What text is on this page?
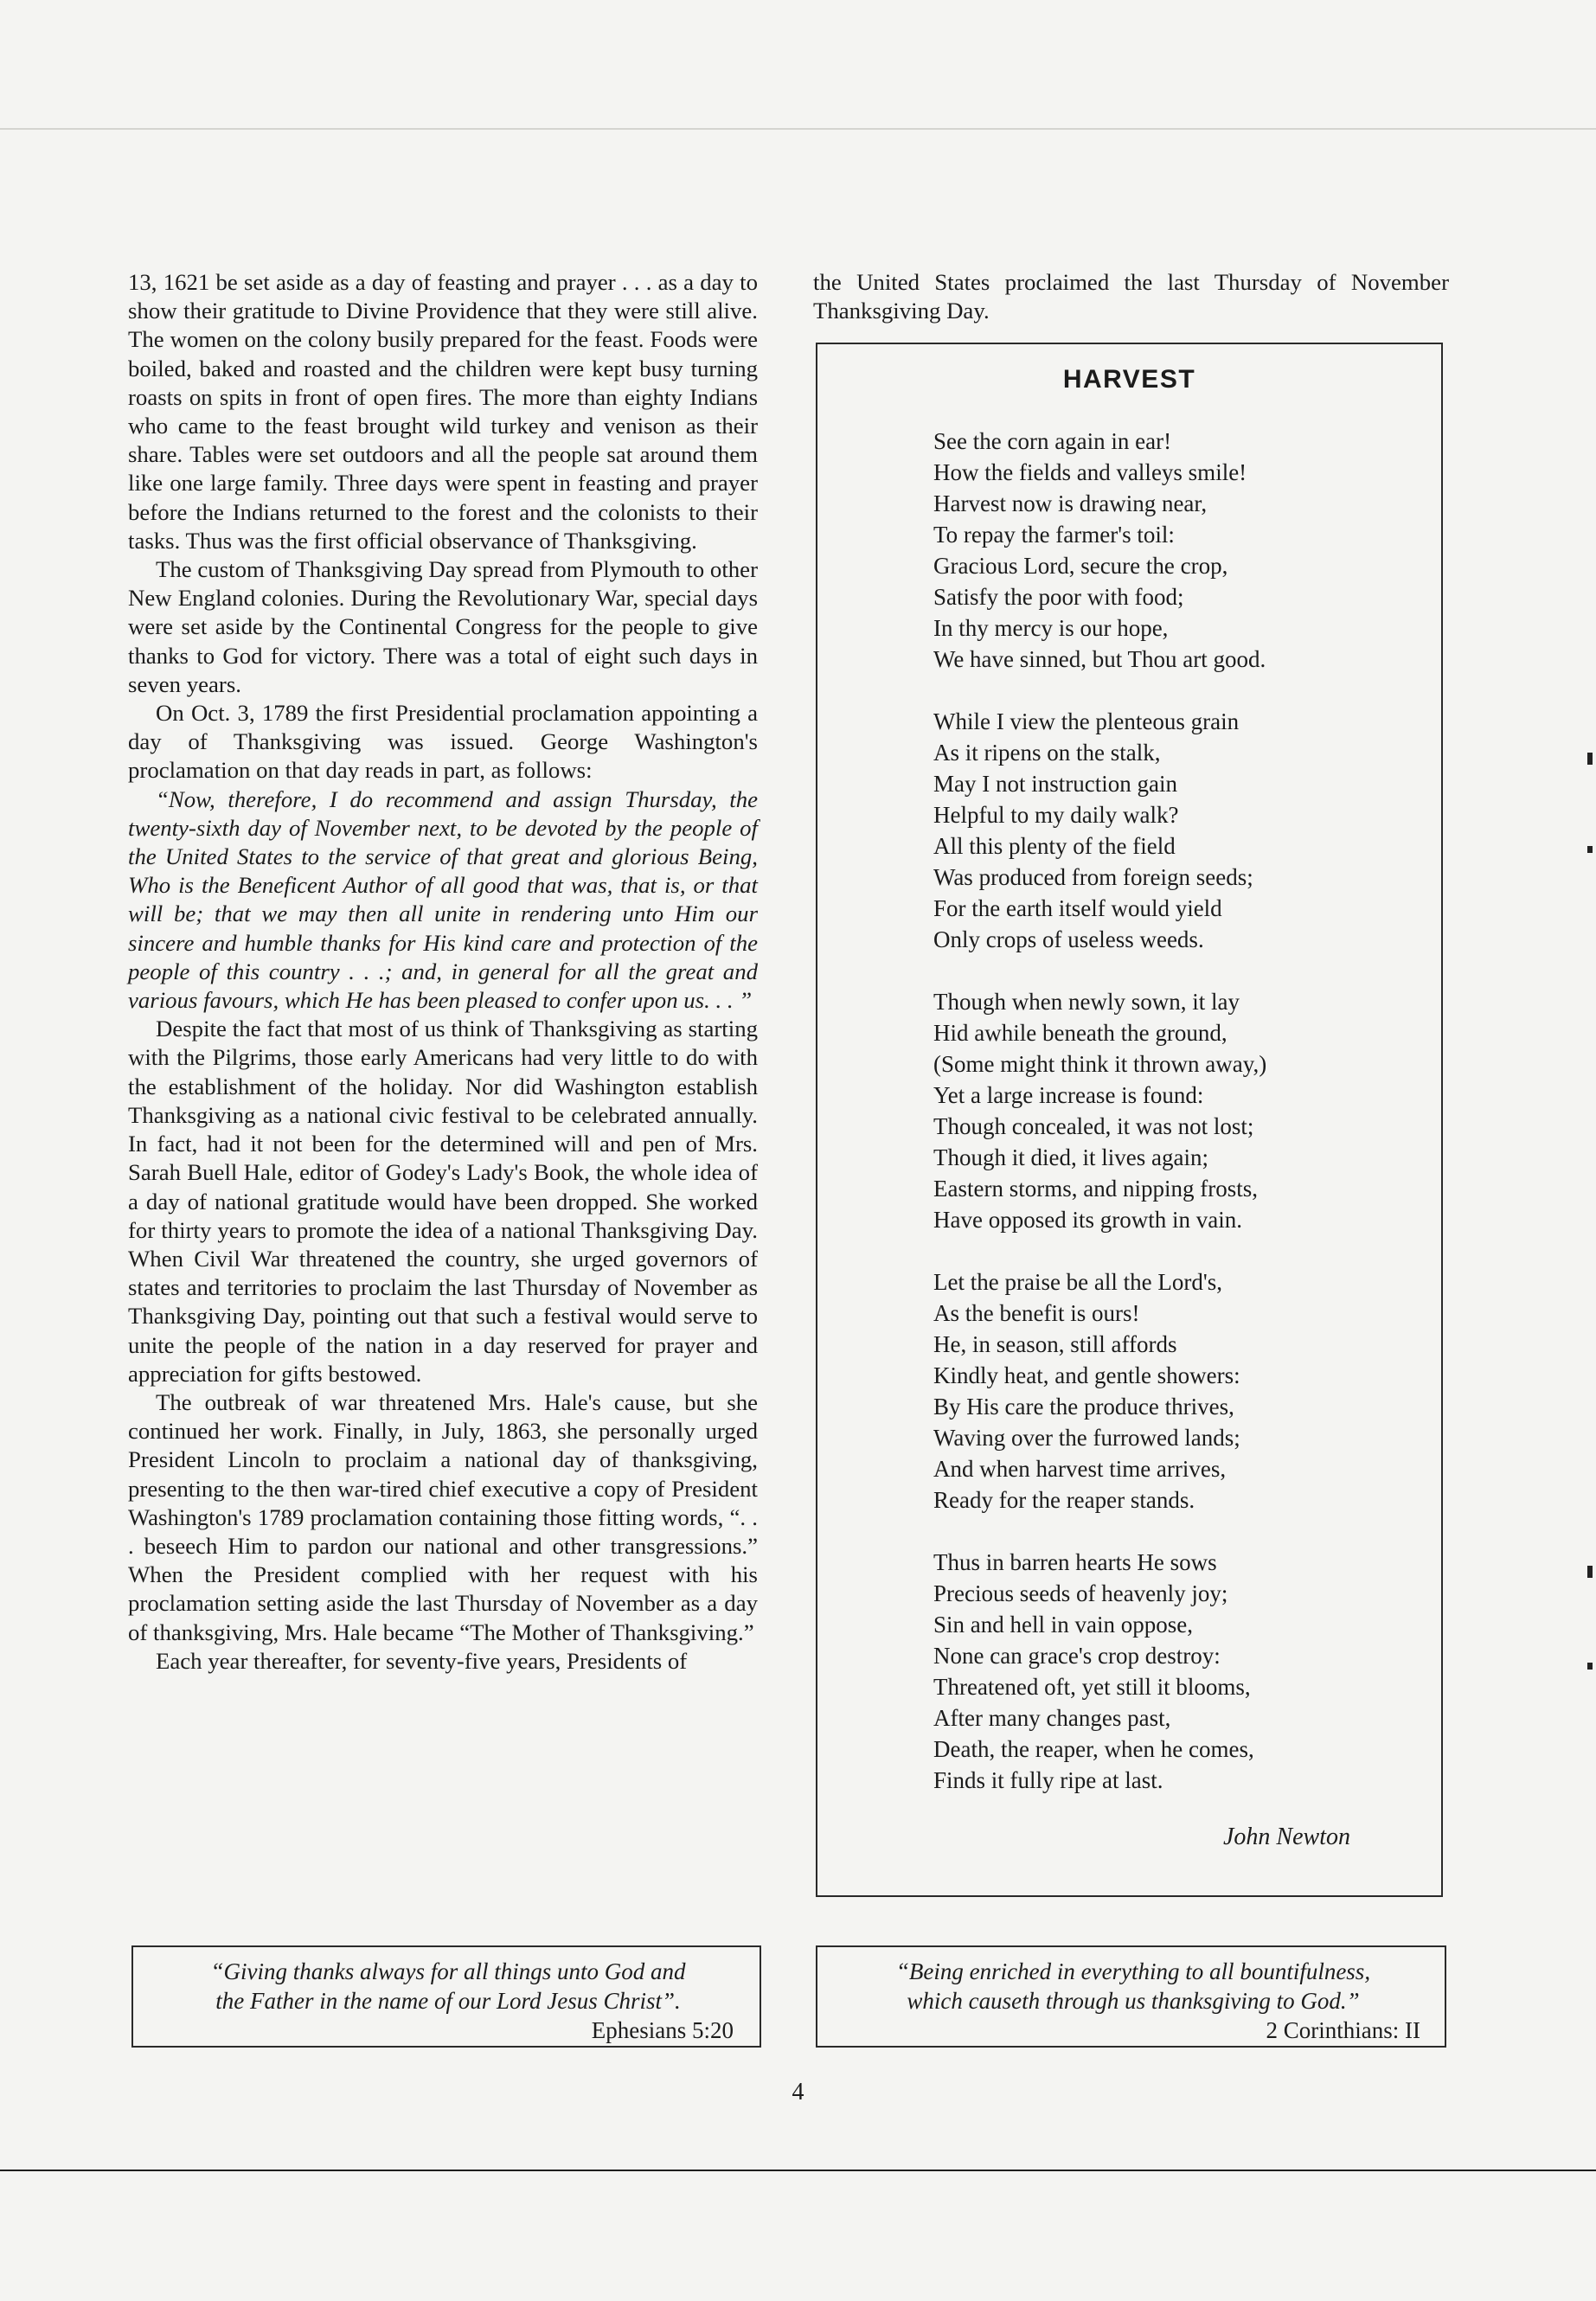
13, 1621 be set aside as a day of feasting and prayer . . . as a day to show their gratitude to Divine Providence that they were still alive. The women on the colony busily prepared for the feast. Foods were boiled, baked and roasted and the children were kept busy turning roasts on spits in front of open fires. The more than eighty Indians who came to the feast brought wild turkey and venison as their share. Tables were set outdoors and all the people sat around them like one large family. Three days were spent in feasting and prayer before the Indians returned to the forest and the colonists to their tasks. Thus was the first official observance of Thanksgiving.

The custom of Thanksgiving Day spread from Plymouth to other New England colonies. During the Revolutionary War, special days were set aside by the Continental Congress for the people to give thanks to God for victory. There was a total of eight such days in seven years.

On Oct. 3, 1789 the first Presidential proclamation appointing a day of Thanksgiving was issued. George Washington's proclamation on that day reads in part, as follows:

“Now, therefore, I do recommend and assign Thursday, the twenty-sixth day of November next, to be devoted by the people of the United States to the service of that great and glorious Being, Who is the Beneficent Author of all good that was, that is, or that will be; that we may then all unite in rendering unto Him our sincere and humble thanks for His kind care and protection of the people of this country . . .; and, in general for all the great and various favours, which He has been pleased to confer upon us. . . ”

Despite the fact that most of us think of Thanksgiving as starting with the Pilgrims, those early Americans had very little to do with the establishment of the holiday. Nor did Washington establish Thanksgiving as a national civic festival to be celebrated annually. In fact, had it not been for the determined will and pen of Mrs. Sarah Buell Hale, editor of Godey's Lady's Book, the whole idea of a day of national gratitude would have been dropped. She worked for thirty years to promote the idea of a national Thanksgiving Day. When Civil War threatened the country, she urged governors of states and territories to proclaim the last Thursday of November as Thanksgiving Day, pointing out that such a festival would serve to unite the people of the nation in a day reserved for prayer and appreciation for gifts bestowed.

The outbreak of war threatened Mrs. Hale's cause, but she continued her work. Finally, in July, 1863, she personally urged President Lincoln to proclaim a national day of thanksgiving, presenting to the then war-tired chief executive a copy of President Washington's 1789 proclamation containing those fitting words, “. . . beseech Him to pardon our national and other transgressions.” When the President complied with her request with his proclamation setting aside the last Thursday of November as a day of thanksgiving, Mrs. Hale became “The Mother of Thanksgiving.”

Each year thereafter, for seventy-five years, Presidents of

the United States proclaimed the last Thursday of November Thanksgiving Day.

HARVEST
See the corn again in ear!
How the fields and valleys smile!
Harvest now is drawing near,
To repay the farmer's toil:
Gracious Lord, secure the crop,
Satisfy the poor with food;
In thy mercy is our hope,
We have sinned, but Thou art good.
While I view the plenteous grain
As it ripens on the stalk,
May I not instruction gain
Helpful to my daily walk?
All this plenty of the field
Was produced from foreign seeds;
For the earth itself would yield
Only crops of useless weeds.
Though when newly sown, it lay
Hid awhile beneath the ground,
(Some might think it thrown away,)
Yet a large increase is found:
Though concealed, it was not lost;
Though it died, it lives again;
Eastern storms, and nipping frosts,
Have opposed its growth in vain.
Let the praise be all the Lord's,
As the benefit is ours!
He, in season, still affords
Kindly heat, and gentle showers:
By His care the produce thrives,
Waving over the furrowed lands;
And when harvest time arrives,
Ready for the reaper stands.
Thus in barren hearts He sows
Precious seeds of heavenly joy;
Sin and hell in vain oppose,
None can grace's crop destroy:
Threatened oft, yet still it blooms,
After many changes past,
Death, the reaper, when he comes,
Finds it fully ripe at last.
John Newton
“Giving thanks always for all things unto God and
the Father in the name of our Lord Jesus Christ”.
Ephesians 5:20
“Being enriched in everything to all bountifulness,
which causeth through us thanksgiving to God.”
2 Corinthians: II
4
